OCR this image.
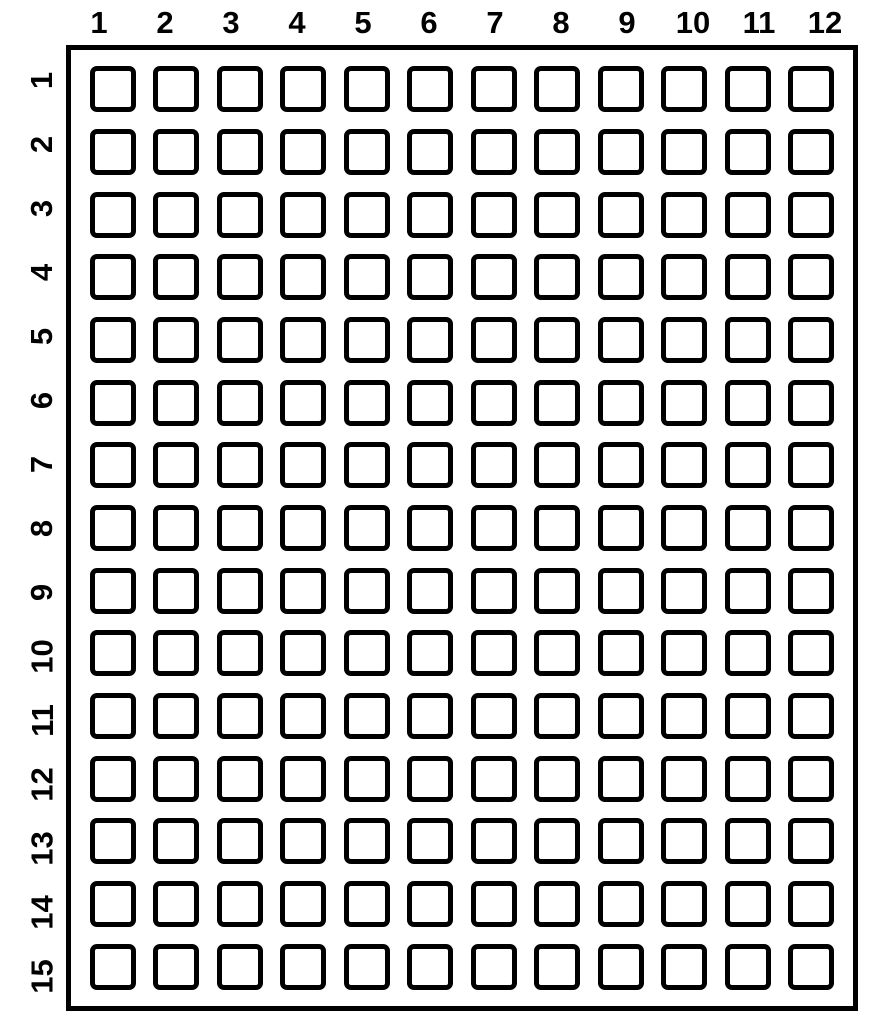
1	2	3	4	5	6	7	8	9	10	11	12
1
2
3
4
5
6
7
8
9
10
11
12
13
14
15
